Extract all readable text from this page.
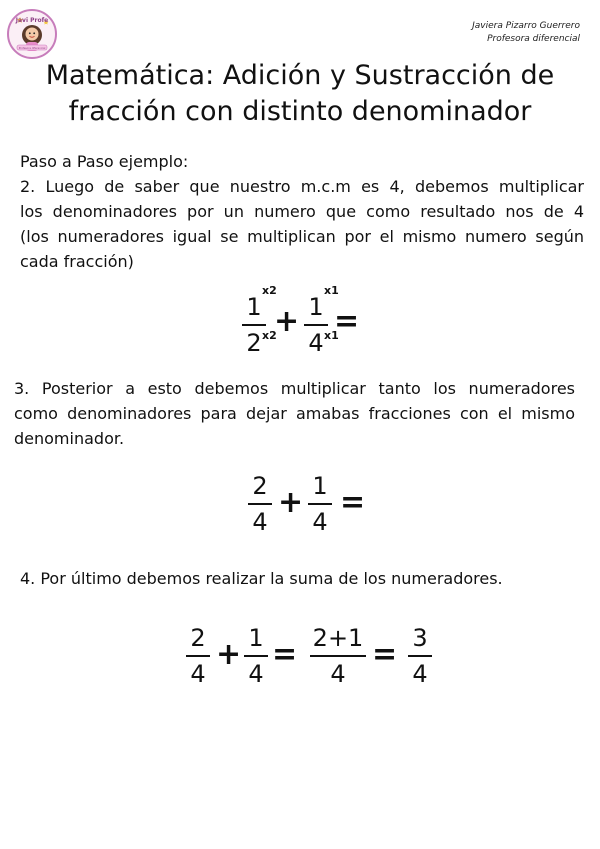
Javi Profe
Profesora diferencial
Javiera Pizarro Guerrero
Profesora diferencial
Matemática: Adición y Sustracción de
fracción con distinto denominador
Paso a Paso ejemplo:
2. Luego de saber que nuestro m.c.m es 4, debemos multiplicar
los denominadores por un numero que como resultado nos de 4
(los numeradores igual se multiplican por el mismo numero según
cada fracción)
1
2
x2
x2
+ 1
4
x1
x1
=
3. Posterior a esto debemos multiplicar tanto los numeradores
como denominadores para dejar amabas fracciones con el mismo
denominador.
2
4
+ 1
4
=
4. Por último debemos realizar la suma de los numeradores.
2
4
+ 1
4
= 2+1
4
= 3
4
